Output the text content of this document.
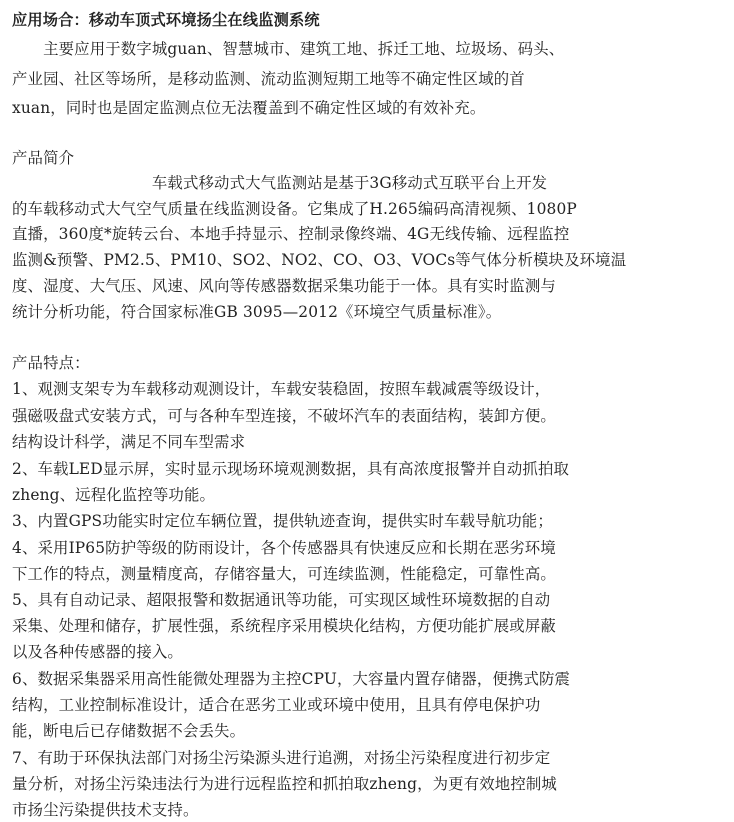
应用场合：移动车顶式环境扬尘在线监测系统
　　主要应用于数字城guan、智慧城市、建筑工地、拆迁工地、垃圾场、码头、
产业园、社区等场所，是移动监测、流动监测短期工地等不确定性区域的首
xuan，同时也是固定监测点位无法覆盖到不确定性区域的有效补充。
产品简介
　　　　　　　　　车载式移动式大气监测站是基于3G移动式互联平台上开发
的车载移动式大气空气质量在线监测设备。它集成了H.265编码高清视频、1080P
直播，360度*旋转云台、本地手持显示、控制录像终端、4G无线传输、远程监控
监测&预警、PM2.5、PM10、SO2、NO2、CO、O3、VOCs等气体分析模块及环境温
度、湿度、大气压、风速、风向等传感器数据采集功能于一体。具有实时监测与
统计分析功能，符合国家标准GB 3095—2012《环境空气质量标准》。
产品特点：
1、观测支架专为车载移动观测设计，车载安装稳固，按照车载减震等级设计，
强磁吸盘式安装方式，可与各种车型连接，不破坏汽车的表面结构，装卸方便。
结构设计科学，满足不同车型需求
2、车载LED显示屏，实时显示现场环境观测数据，具有高浓度报警并自动抓拍取
zheng、远程化监控等功能。
3、内置GPS功能实时定位车辆位置，提供轨迹查询，提供实时车载导航功能；
4、采用IP65防护等级的防雨设计，各个传感器具有快速反应和长期在恶劣环境
下工作的特点，测量精度高，存储容量大，可连续监测，性能稳定，可靠性高。
5、具有自动记录、超限报警和数据通讯等功能，可实现区域性环境数据的自动
采集、处理和储存，扩展性强，系统程序采用模块化结构，方便功能扩展或屏蔽
以及各种传感器的接入。
6、数据采集器采用高性能微处理器为主控CPU，大容量内置存储器，便携式防震
结构，工业控制标准设计，适合在恶劣工业或环境中使用，且具有停电保护功
能，断电后已存储数据不会丢失。
7、有助于环保执法部门对扬尘污染源头进行追溯，对扬尘污染程度进行初步定
量分析，对扬尘污染违法行为进行远程监控和抓拍取zheng，为更有效地控制城
市扬尘污染提供技术支持。
